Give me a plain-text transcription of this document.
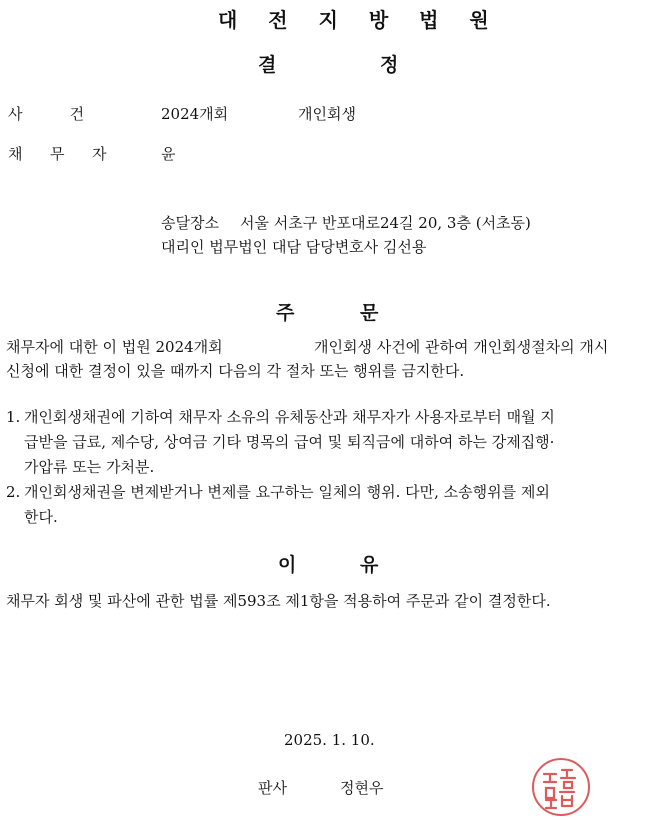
대 전 지 방 법 원
결	정
사        건	2024개회	개인회생
채  무  자	윤
송달장소 서울 서초구 반포대로24길 20, 3층 (서초동)
대리인 법무법인 대담 담당변호사 김선용
주	문
채무자에 대한 이 법원 2024개회	개인회생 사건에 관하여 개인회생절차의 개시
신청에 대한 결정이 있을 때까지 다음의 각 절차 또는 행위를 금지한다.
1. 개인회생채권에 기하여 채무자 소유의 유체동산과 채무자가 사용자로부터 매월 지
급받을 급료, 제수당, 상여금 기타 명목의 급여 및 퇴직금에 대하여 하는 강제집행·
가압류 또는 가처분.
2. 개인회생채권을 변제받거나 변제를 요구하는 일체의 행위. 다만, 소송행위를 제외
한다.
이	유
채무자 회생 및 파산에 관한 법률 제593조 제1항을 적용하여 주문과 같이 결정한다.
2025. 1. 10.
판사	정현우
